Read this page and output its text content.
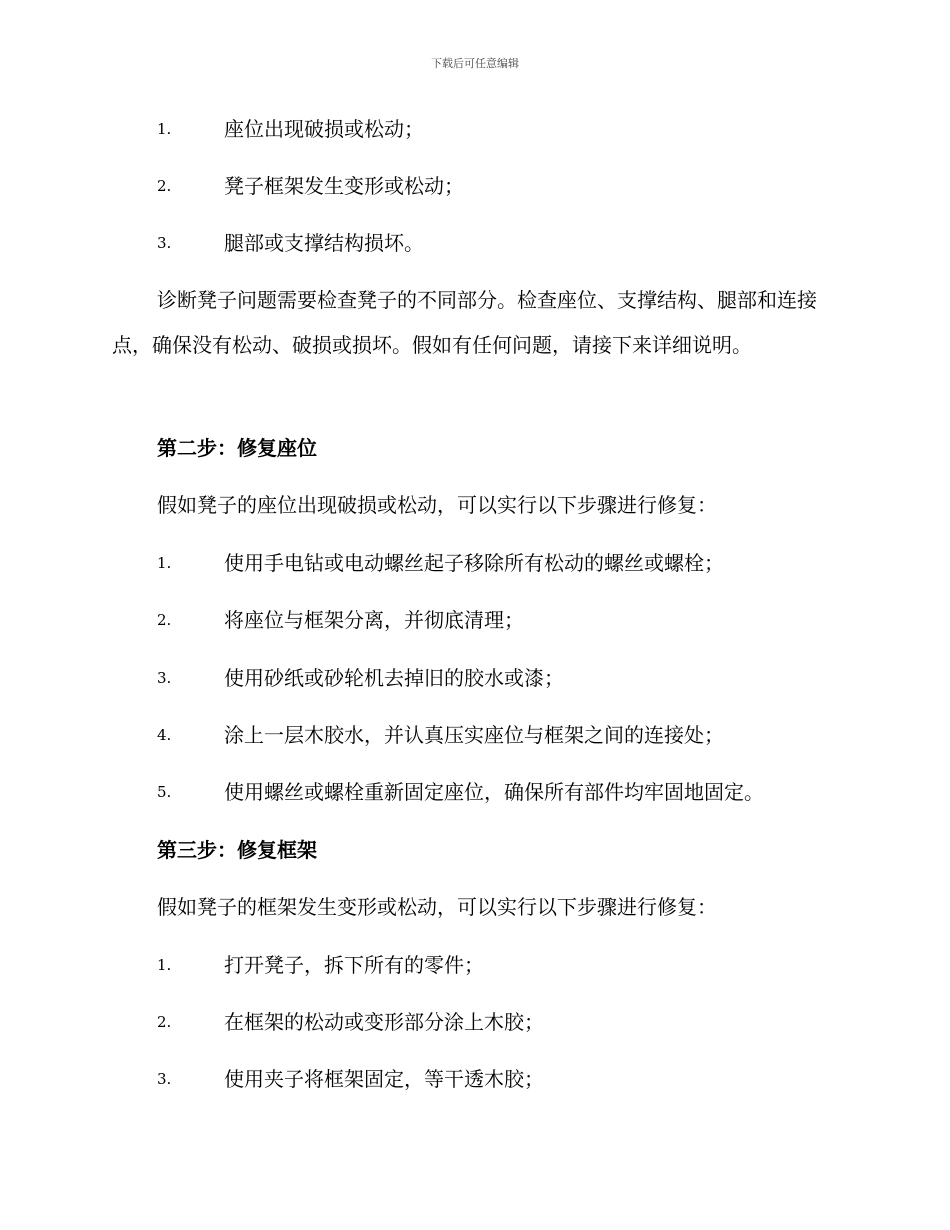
下载后可任意编辑
1.	座位出现破损或松动；
2.	凳子框架发生变形或松动；
3.	腿部或支撑结构损坏。
诊断凳子问题需要检查凳子的不同部分。检查座位、支撑结构、腿部和连接点，确保没有松动、破损或损坏。假如有任何问题，请接下来详细说明。
第二步：修复座位
假如凳子的座位出现破损或松动，可以实行以下步骤进行修复：
1.	使用手电钻或电动螺丝起子移除所有松动的螺丝或螺栓；
2.	将座位与框架分离，并彻底清理；
3.	使用砂纸或砂轮机去掉旧的胶水或漆；
4.	涂上一层木胶水，并认真压实座位与框架之间的连接处；
5.	使用螺丝或螺栓重新固定座位，确保所有部件均牢固地固定。
第三步：修复框架
假如凳子的框架发生变形或松动，可以实行以下步骤进行修复：
1.	打开凳子，拆下所有的零件；
2.	在框架的松动或变形部分涂上木胶；
3.	使用夹子将框架固定，等干透木胶；
